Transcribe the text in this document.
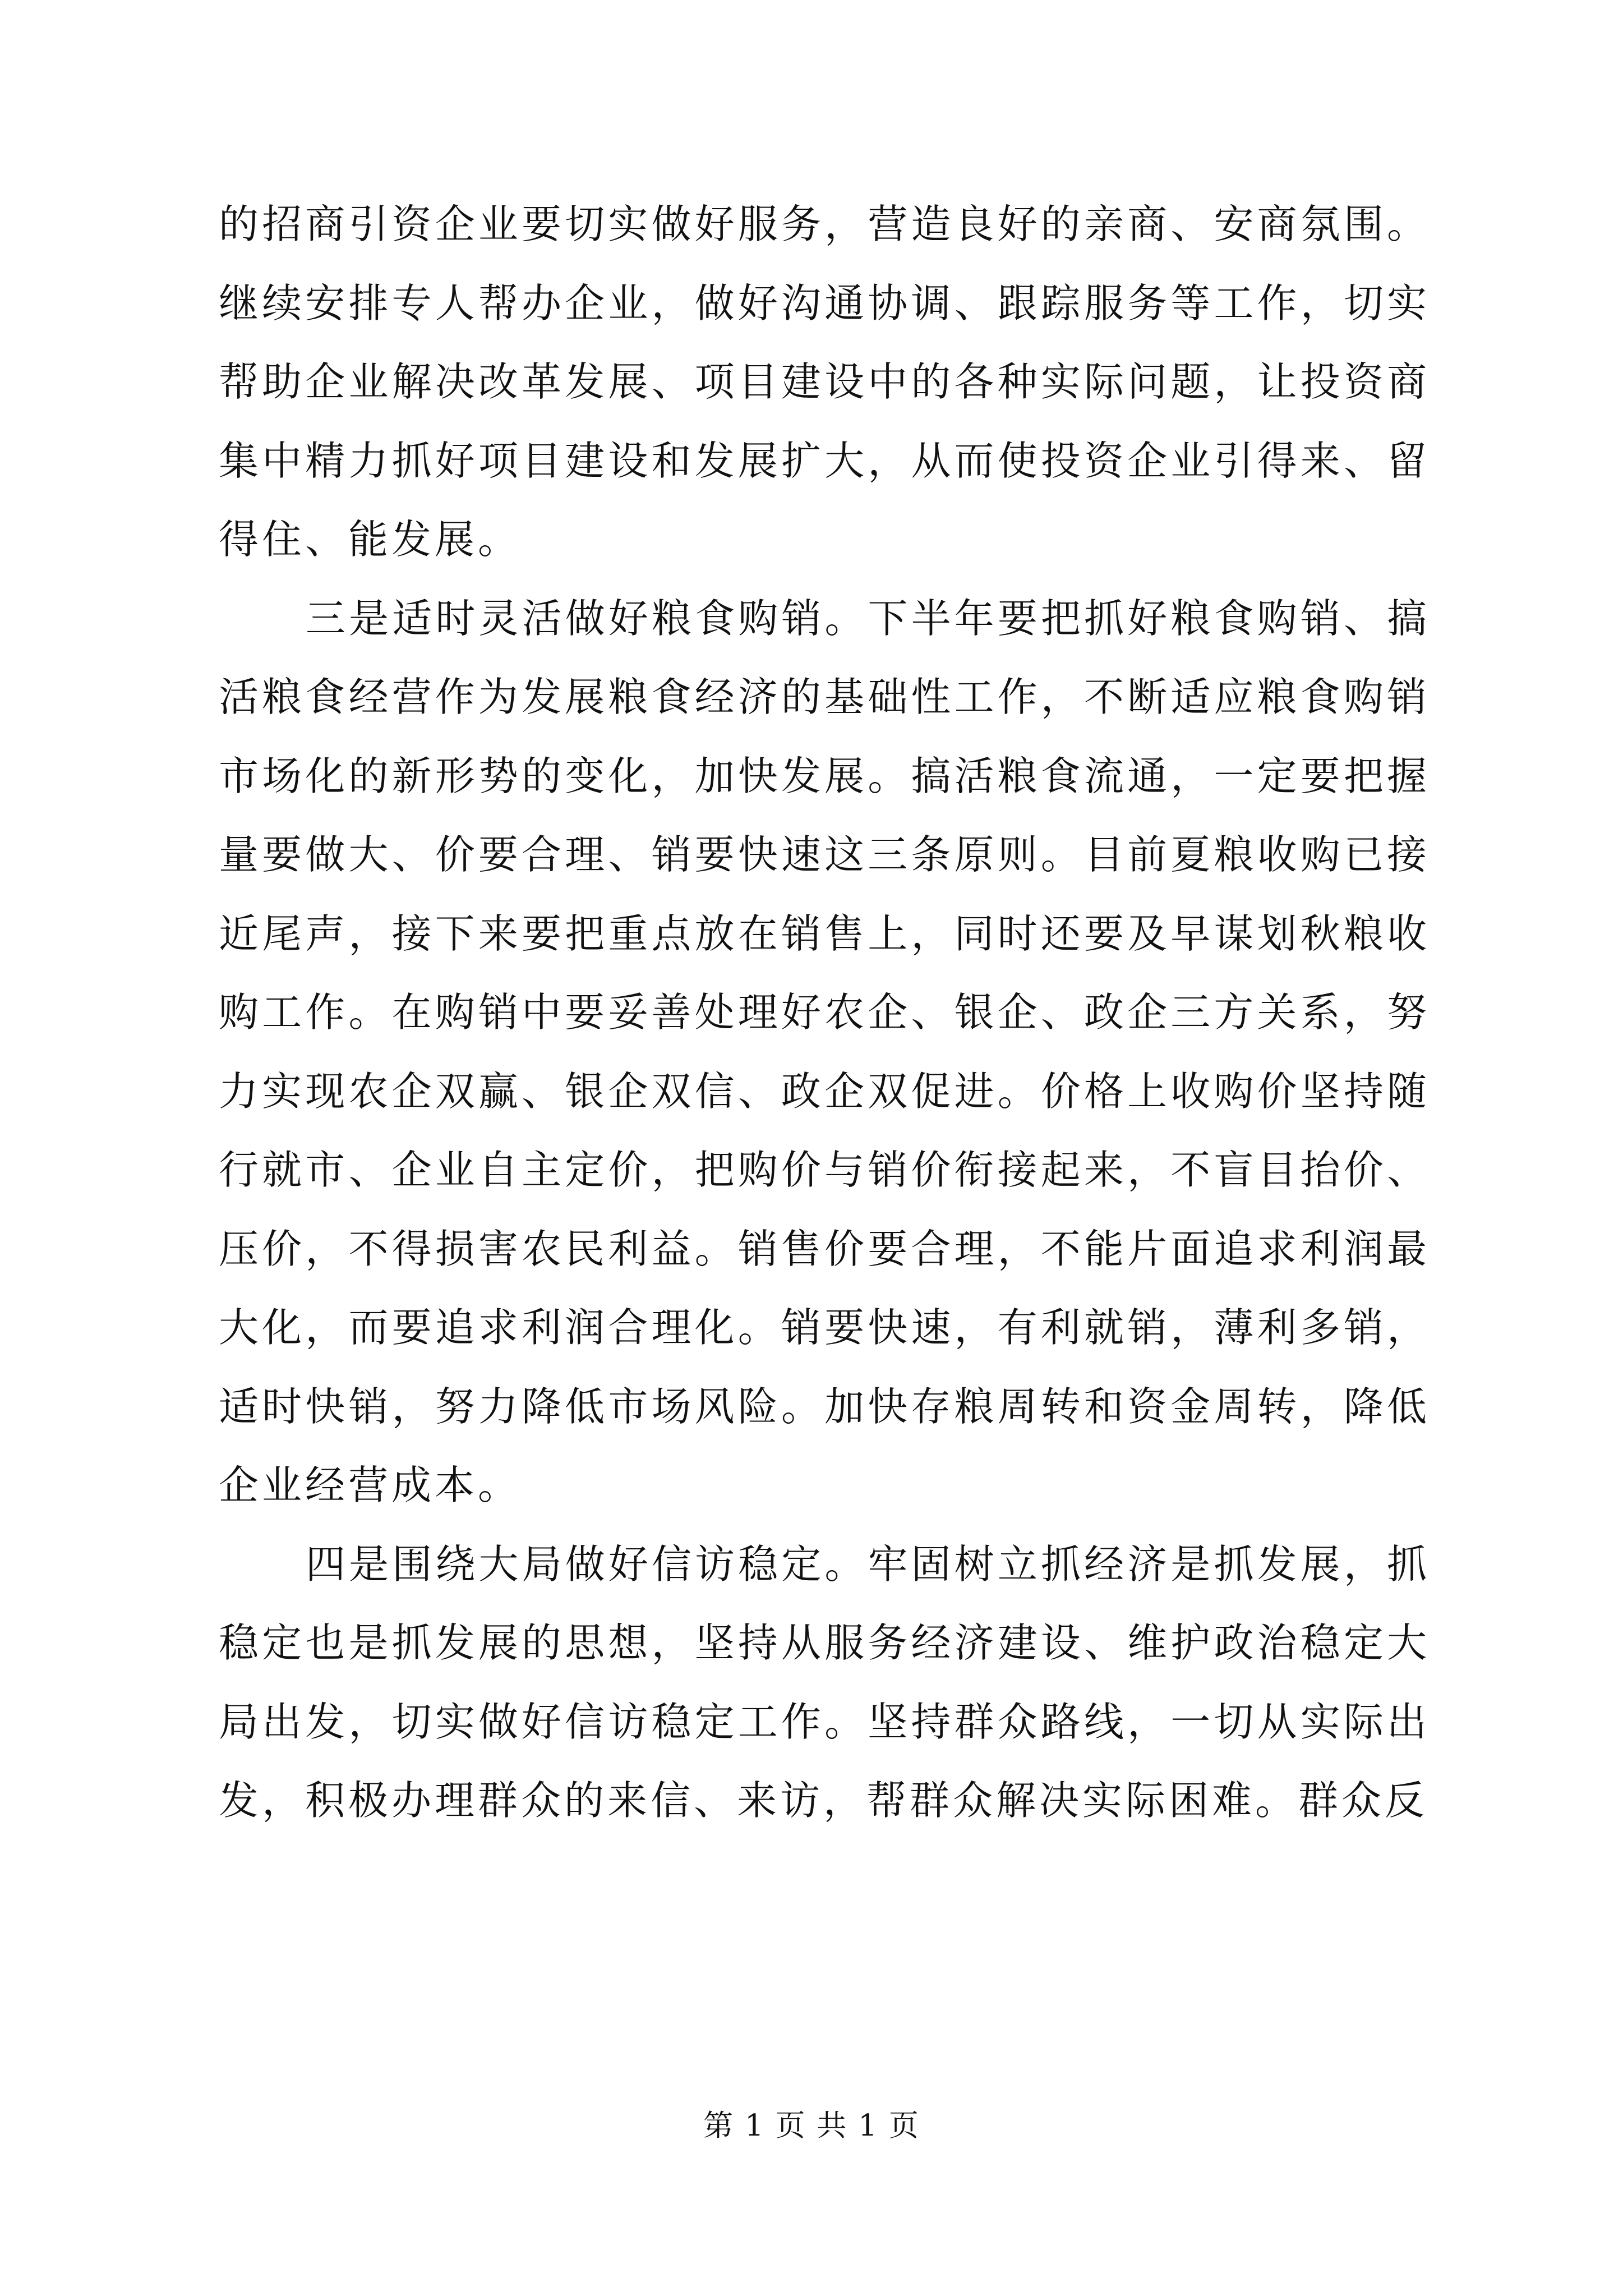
的招商引资企业要切实做好服务，营造良好的亲商、安商氛围。继续安排专人帮办企业，做好沟通协调、跟踪服务等工作，切实帮助企业解决改革发展、项目建设中的各种实际问题，让投资商集中精力抓好项目建设和发展扩大，从而使投资企业引得来、留得住、能发展。

三是适时灵活做好粮食购销。下半年要把抓好粮食购销、搞活粮食经营作为发展粮食经济的基础性工作，不断适应粮食购销市场化的新形势的变化，加快发展。搞活粮食流通，一定要把握量要做大、价要合理、销要快速这三条原则。目前夏粮收购已接近尾声，接下来要把重点放在销售上，同时还要及早谋划秋粮收购工作。在购销中要妥善处理好农企、银企、政企三方关系，努力实现农企双赢、银企双信、政企双促进。价格上收购价坚持随行就市、企业自主定价，把购价与销价衔接起来，不盲目抬价、压价，不得损害农民利益。销售价要合理，不能片面追求利润最大化，而要追求利润合理化。销要快速，有利就销，薄利多销，适时快销，努力降低市场风险。加快存粮周转和资金周转，降低企业经营成本。

四是围绕大局做好信访稳定。牢固树立抓经济是抓发展，抓稳定也是抓发展的思想，坚持从服务经济建设、维护政治稳定大局出发，切实做好信访稳定工作。坚持群众路线，一切从实际出发，积极办理群众的来信、来访，帮群众解决实际困难。群众反

第 1 页 共 1 页
